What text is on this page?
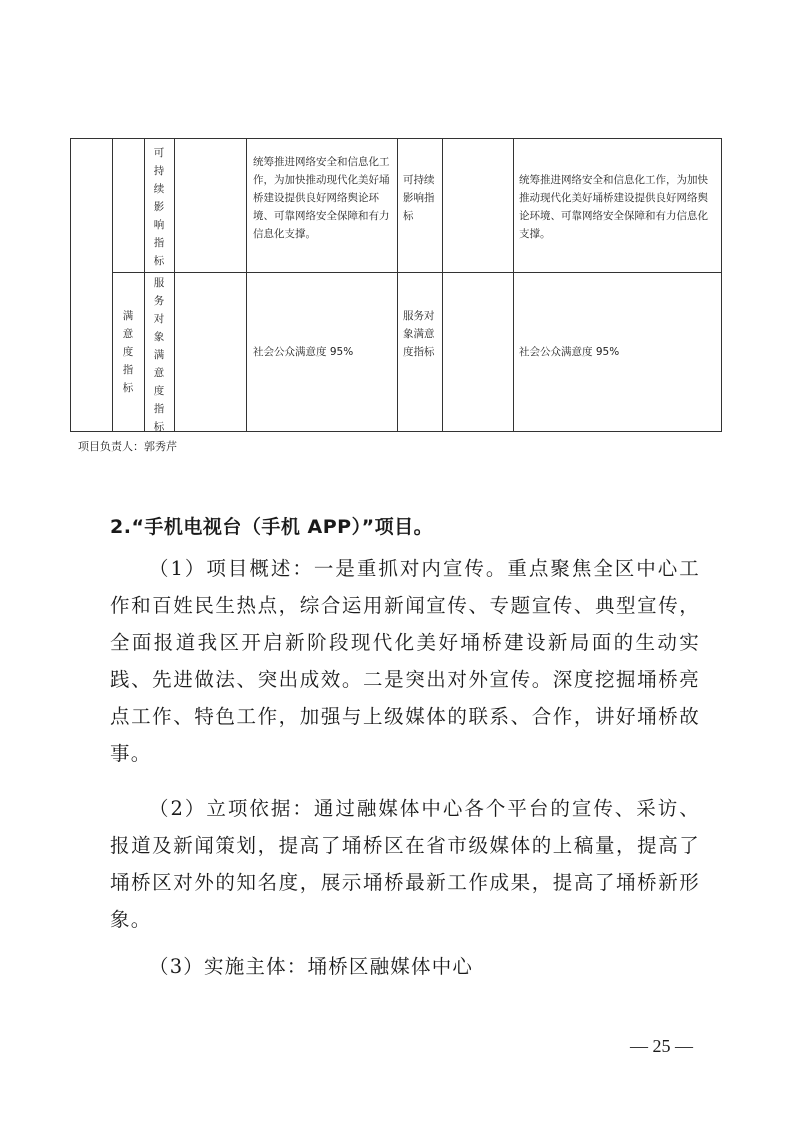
可持续影响指标
统筹推进网络安全和信息化工作，为加快推动现代化美好埇桥建设提供良好网络舆论环境、可靠网络安全保障和有力信息化支撑。
可持续影响指标
统筹推进网络安全和信息化工作，为加快推动现代化美好埇桥建设提供良好网络舆论环境、可靠网络安全保障和有力信息化支撑。
满意度指标
服务对象满意度指标
社会公众满意度 95%
服务对象满意度指标	社会公众满意度 95%
项目负责人：郭秀芹
2.“手机电视台（手机 APP）”项目。
（1）项目概述：一是重抓对内宣传。重点聚焦全区中心工作和百姓民生热点，综合运用新闻宣传、专题宣传、典型宣传，全面报道我区开启新阶段现代化美好埇桥建设新局面的生动实践、先进做法、突出成效。二是突出对外宣传。深度挖掘埇桥亮点工作、特色工作，加强与上级媒体的联系、合作，讲好埇桥故事。
（2）立项依据：通过融媒体中心各个平台的宣传、采访、报道及新闻策划，提高了埇桥区在省市级媒体的上稿量，提高了埇桥区对外的知名度，展示埇桥最新工作成果，提高了埇桥新形象。
（3）实施主体：埇桥区融媒体中心
— 25 —
